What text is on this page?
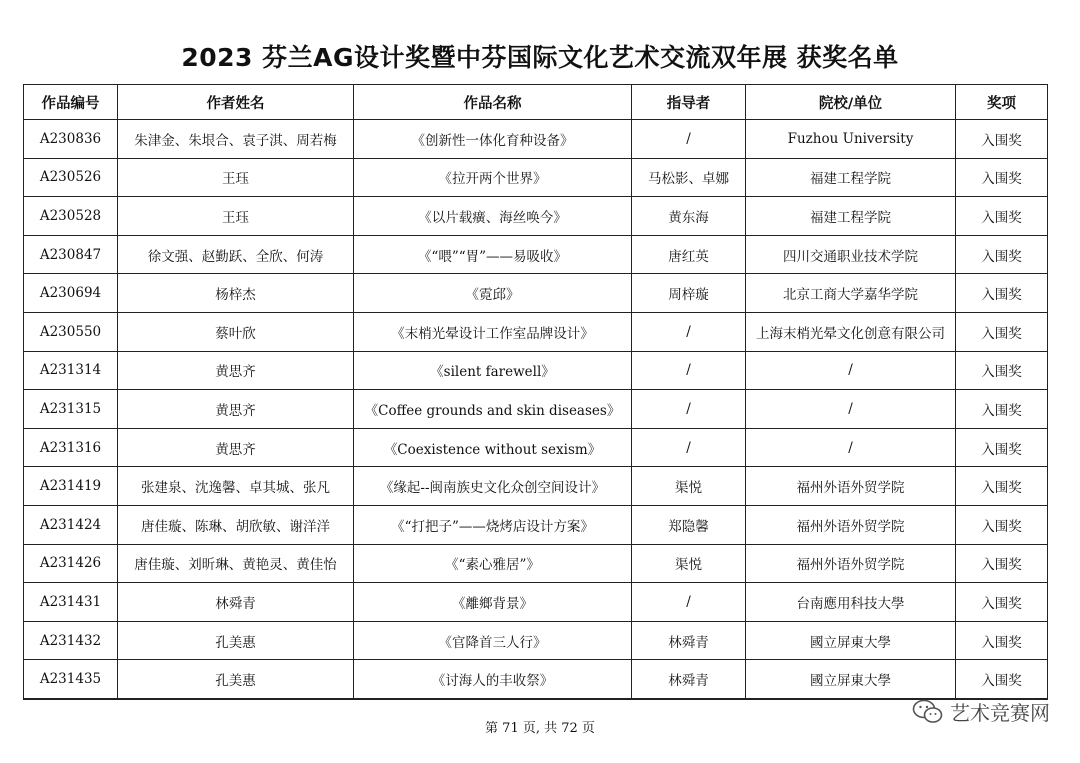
2023 芬兰AG设计奖暨中芬国际文化艺术交流双年展 获奖名单
作品编号	作者姓名	作品名称	指导者	院校/单位	奖项
A230836	朱津金、朱垠合、袁子淇、周若梅	《创新性一体化育种设备》	/	Fuzhou University	入围奖
A230526	王珏	《拉开两个世界》	马松影、卓娜	福建工程学院	入围奖
A230528	王珏	《以片载癀、海丝唤今》	黄东海	福建工程学院	入围奖
A230847	徐文强、赵勤跃、全欣、何涛	《“喂”“胃”——易吸收》	唐红英	四川交通职业技术学院	入围奖
A230694	杨梓杰	《霓邱》	周梓璇	北京工商大学嘉华学院	入围奖
A230550	蔡叶欣	《末梢光晕设计工作室品牌设计》	/	上海末梢光晕文化创意有限公司	入围奖
A231314	黄思齐	《silent farewell》	/	/	入围奖
A231315	黄思齐	《Coffee grounds and skin diseases》	/	/	入围奖
A231316	黄思齐	《Coexistence without sexism》	/	/	入围奖
A231419	张建泉、沈逸馨、卓其城、张凡	《缘起--闽南族史文化众创空间设计》	渠悦	福州外语外贸学院	入围奖
A231424	唐佳璇、陈琳、胡欣敏、谢洋洋	《“打把子”——烧烤店设计方案》	郑隐馨	福州外语外贸学院	入围奖
A231426	唐佳璇、刘昕琳、黄艳灵、黄佳怡	《“素心雅居”》	渠悦	福州外语外贸学院	入围奖
A231431	林舜青	《離鄉背景》	/	台南應用科技大學	入围奖
A231432	孔美惠	《官降首三人行》	林舜青	國立屏東大學	入围奖
A231435	孔美惠	《讨海人的丰收祭》	林舜青	國立屏東大學	入围奖
第 71 页, 共 72 页
艺术竞赛网
